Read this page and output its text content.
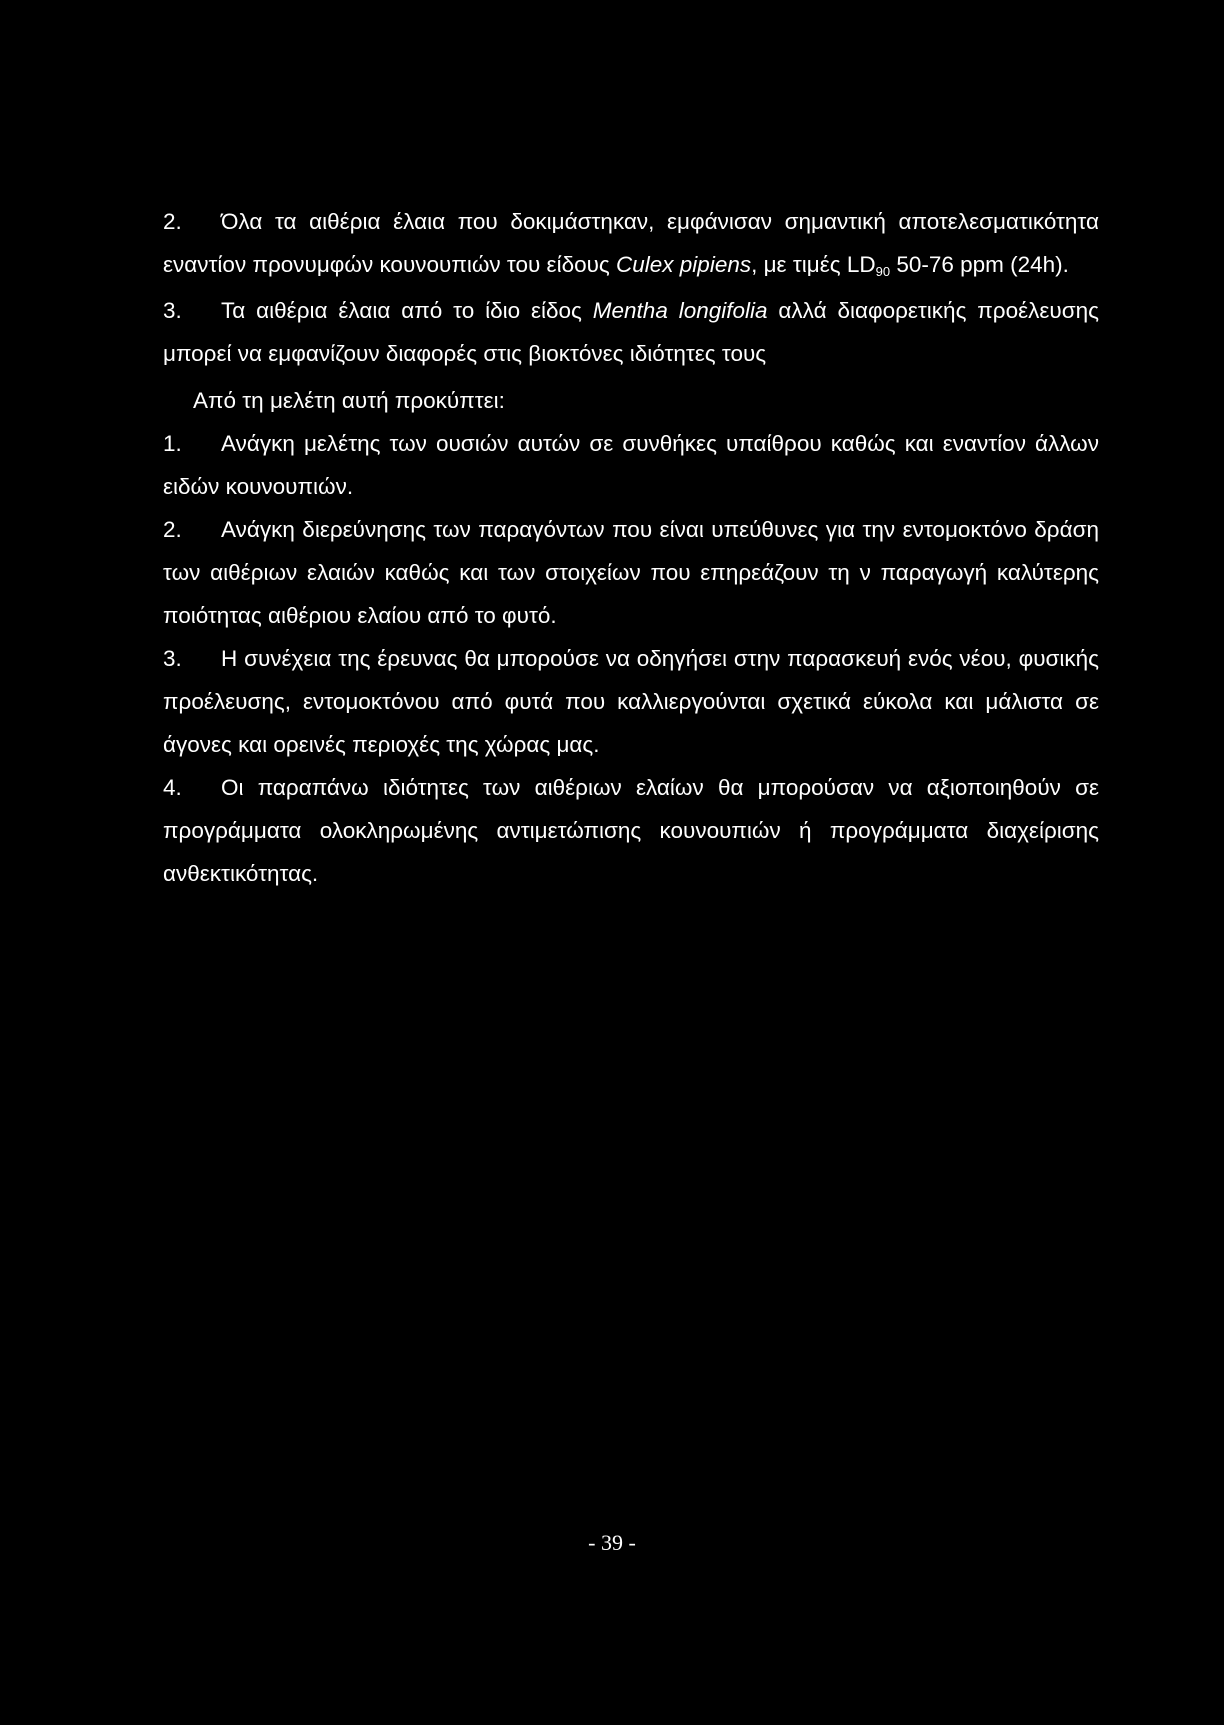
2. Όλα τα αιθέρια έλαια που δοκιμάστηκαν, εμφάνισαν σημαντική αποτελεσματικότητα εναντίον προνυμφών κουνουπιών του είδους Culex pipiens, με τιμές LD90 50-76 ppm (24h).

3. Τα αιθέρια έλαια από το ίδιο είδος Mentha longifolia αλλά διαφορετικής προέλευσης μπορεί να εμφανίζουν διαφορές στις βιοκτόνες ιδιότητες τους

Από τη μελέτη αυτή προκύπτει:

1. Ανάγκη μελέτης των ουσιών αυτών σε συνθήκες υπαίθρου καθώς και εναντίον άλλων ειδών κουνουπιών.

2. Ανάγκη διερεύνησης των παραγόντων που είναι υπεύθυνες για την εντομοκτόνο δράση των αιθέριων ελαιών καθώς και των στοιχείων που επηρεάζουν τη ν παραγωγή καλύτερης ποιότητας αιθέριου ελαίου από το φυτό.

3. Η συνέχεια της έρευνας θα μπορούσε να οδηγήσει στην παρασκευή ενός νέου, φυσικής προέλευσης, εντομοκτόνου από φυτά που καλλιεργούνται σχετικά εύκολα και μάλιστα σε άγονες και ορεινές περιοχές της χώρας μας.

4. Οι παραπάνω ιδιότητες των αιθέριων ελαίων θα μπορούσαν να αξιοποιηθούν σε προγράμματα ολοκληρωμένης αντιμετώπισης κουνουπιών ή προγράμματα διαχείρισης ανθεκτικότητας.

- 39 -
